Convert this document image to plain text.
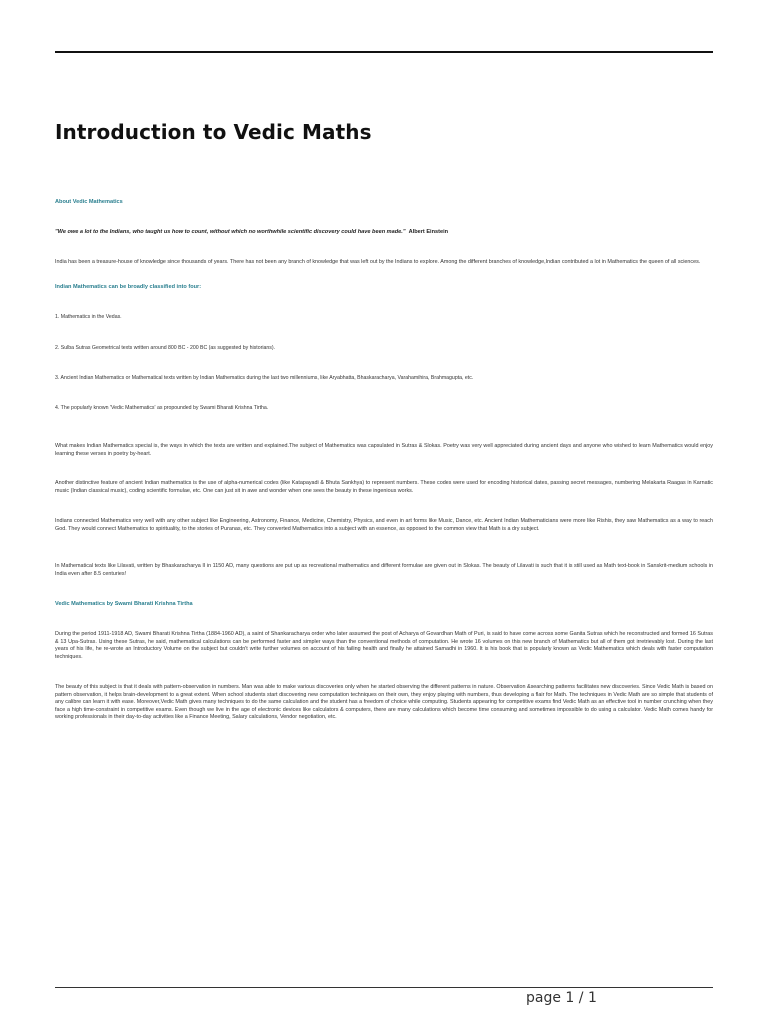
Introduction to Vedic Maths
About Vedic Mathematics
"We owe a lot to the Indians, who taught us how to count, without which no worthwhile scientific discovery could have been made." Albert Einstein
India has been a treasure-house of knowledge since thousands of years. There has not been any branch of knowledge that was left out by the Indians to explore. Among the different branches of knowledge,Indian contributed a lot in Mathematics the queen of all sciences.
Indian Mathematics can be broadly classified into four:
1. Mathematics in the Vedas.
2. Sulba Sutras Geometrical texts written around 800 BC - 200 BC (as suggested by historians).
3. Ancient Indian Mathematics or Mathematical texts written by Indian Mathematics during the last two millenniums, like Aryabhatta, Bhaskaracharya, Varahamihira, Brahmagupta, etc.
4. The popularly known 'Vedic Mathematics' as propounded by Swami Bharati Krishna Tirtha.
What makes Indian Mathematics special is, the ways in which the texts are written and explained.The subject of Mathematics was capsulated in Sutras & Slokas. Poetry was very well appreciated during ancient days and anyone who wished to learn Mathematics would enjoy learning these verses in poetry by-heart.
Another distinctive feature of ancient Indian mathematics is the use of alpha-numerical codes (like Katapayadi & Bhuta Sankhya) to represent numbers. These codes were used for encoding historical dates, passing secret messages, numbering Melakarta Raagas in Karnatic music (Indian classical music), coding scientific formulae, etc. One can just sit in awe and wonder when one sees the beauty in these ingenious works.
Indians connected Mathematics very well with any other subject like Engineering, Astronomy, Finance, Medicine, Chemistry, Physics, and even in art forms like Music, Dance, etc. Ancient Indian Mathematicians were more like Rishis, they saw Mathematics as a way to reach God. They would connect Mathematics to spirituality, to the stories of Puranas, etc. They converted Mathematics into a subject with an essence, as opposed to the common view that Math is a dry subject.
In Mathematical texts like Lilavati, written by Bhaskaracharya II in 1150 AD, many questions are put up as recreational mathematics and different formulae are given out in Slokas. The beauty of Lilavati is such that it is still used as Math text-book in Sanskrit-medium schools in India even after 8.5 centuries!
Vedic Mathematics by Swami Bharati Krishna Tirtha
During the period 1911-1918 AD, Swami Bharati Krishna Tirtha (1884-1960 AD), a saint of Shankaracharya order who later assumed the post of Acharya of Govardhan Math of Puri, is said to have come across some Ganita Sutras which he reconstructed and formed 16 Sutras & 13 Upa-Sutras. Using these Sutras, he said, mathematical calculations can be performed faster and simpler ways than the conventional methods of computation. He wrote 16 volumes on this new branch of Mathematics but all of them got irretrievably lost. During the last years of his life, he re-wrote an Introductory Volume on the subject but couldn't write further volumes on account of his failing health and finally he attained Samadhi in 1960. It is his book that is popularly known as Vedic Mathematics which deals with faster computation techniques.
The beauty of this subject is that it deals with pattern-observation in numbers. Man was able to make various discoveries only when he started observing the different patterns in nature. Observation &searching patterns facilitates new discoveries. Since Vedic Math is based on pattern observation, it helps brain-development to a great extent. When school students start discovering new computation techniques on their own, they enjoy playing with numbers, thus developing a flair for Math. The techniques in Vedic Math are so simple that students of any calibre can learn it with ease. Moreover,Vedic Math gives many techniques to do the same calculation and the student has a freedom of choice while computing. Students appearing for competitive exams find Vedic Math as an effective tool in number crunching when they face a high time-constraint in competitive exams. Even though we live in the age of electronic devices like calculators & computers, there are many calculations which become time consuming and sometimes impossible to do using a calculator. Vedic Math comes handy for working professionals in their day-to-day activities like a Finance Meeting, Salary calculations, Vendor negotiation, etc.
page 1 / 1
